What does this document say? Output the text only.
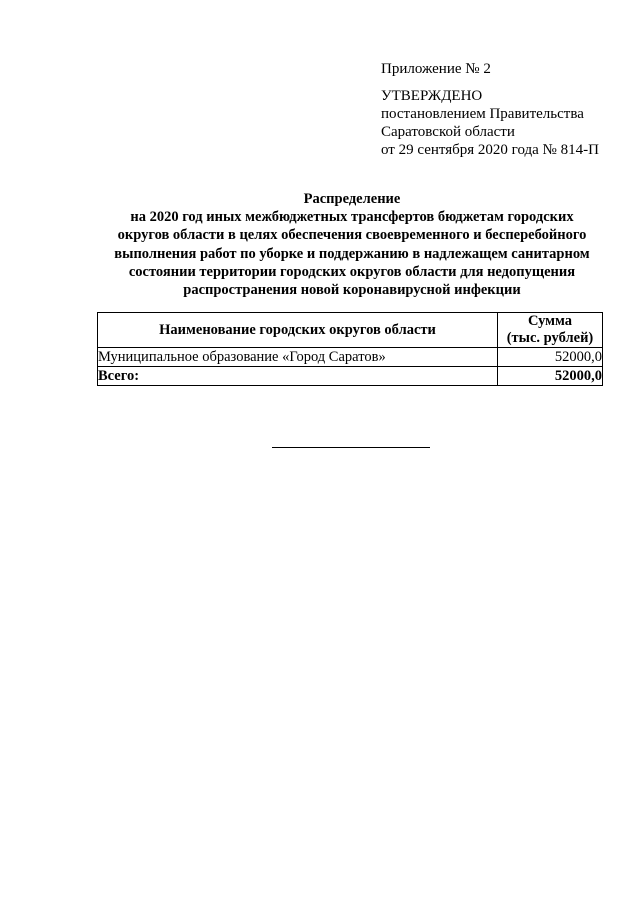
Приложение № 2
УТВЕРЖДЕНО
постановлением Правительства
Саратовской области
от 29 сентября 2020 года № 814-П
Распределение
на 2020 год иных межбюджетных трансфертов бюджетам городских
округов области в целях обеспечения своевременного и бесперебойного
выполнения работ по уборке и поддержанию в надлежащем санитарном
состоянии территории городских округов области для недопущения
распространения новой коронавирусной инфекции
Наименование городских округов области	Сумма
(тыс. рублей)

Муниципальное образование «Город Саратов»	52000,0
Всего:	52000,0
